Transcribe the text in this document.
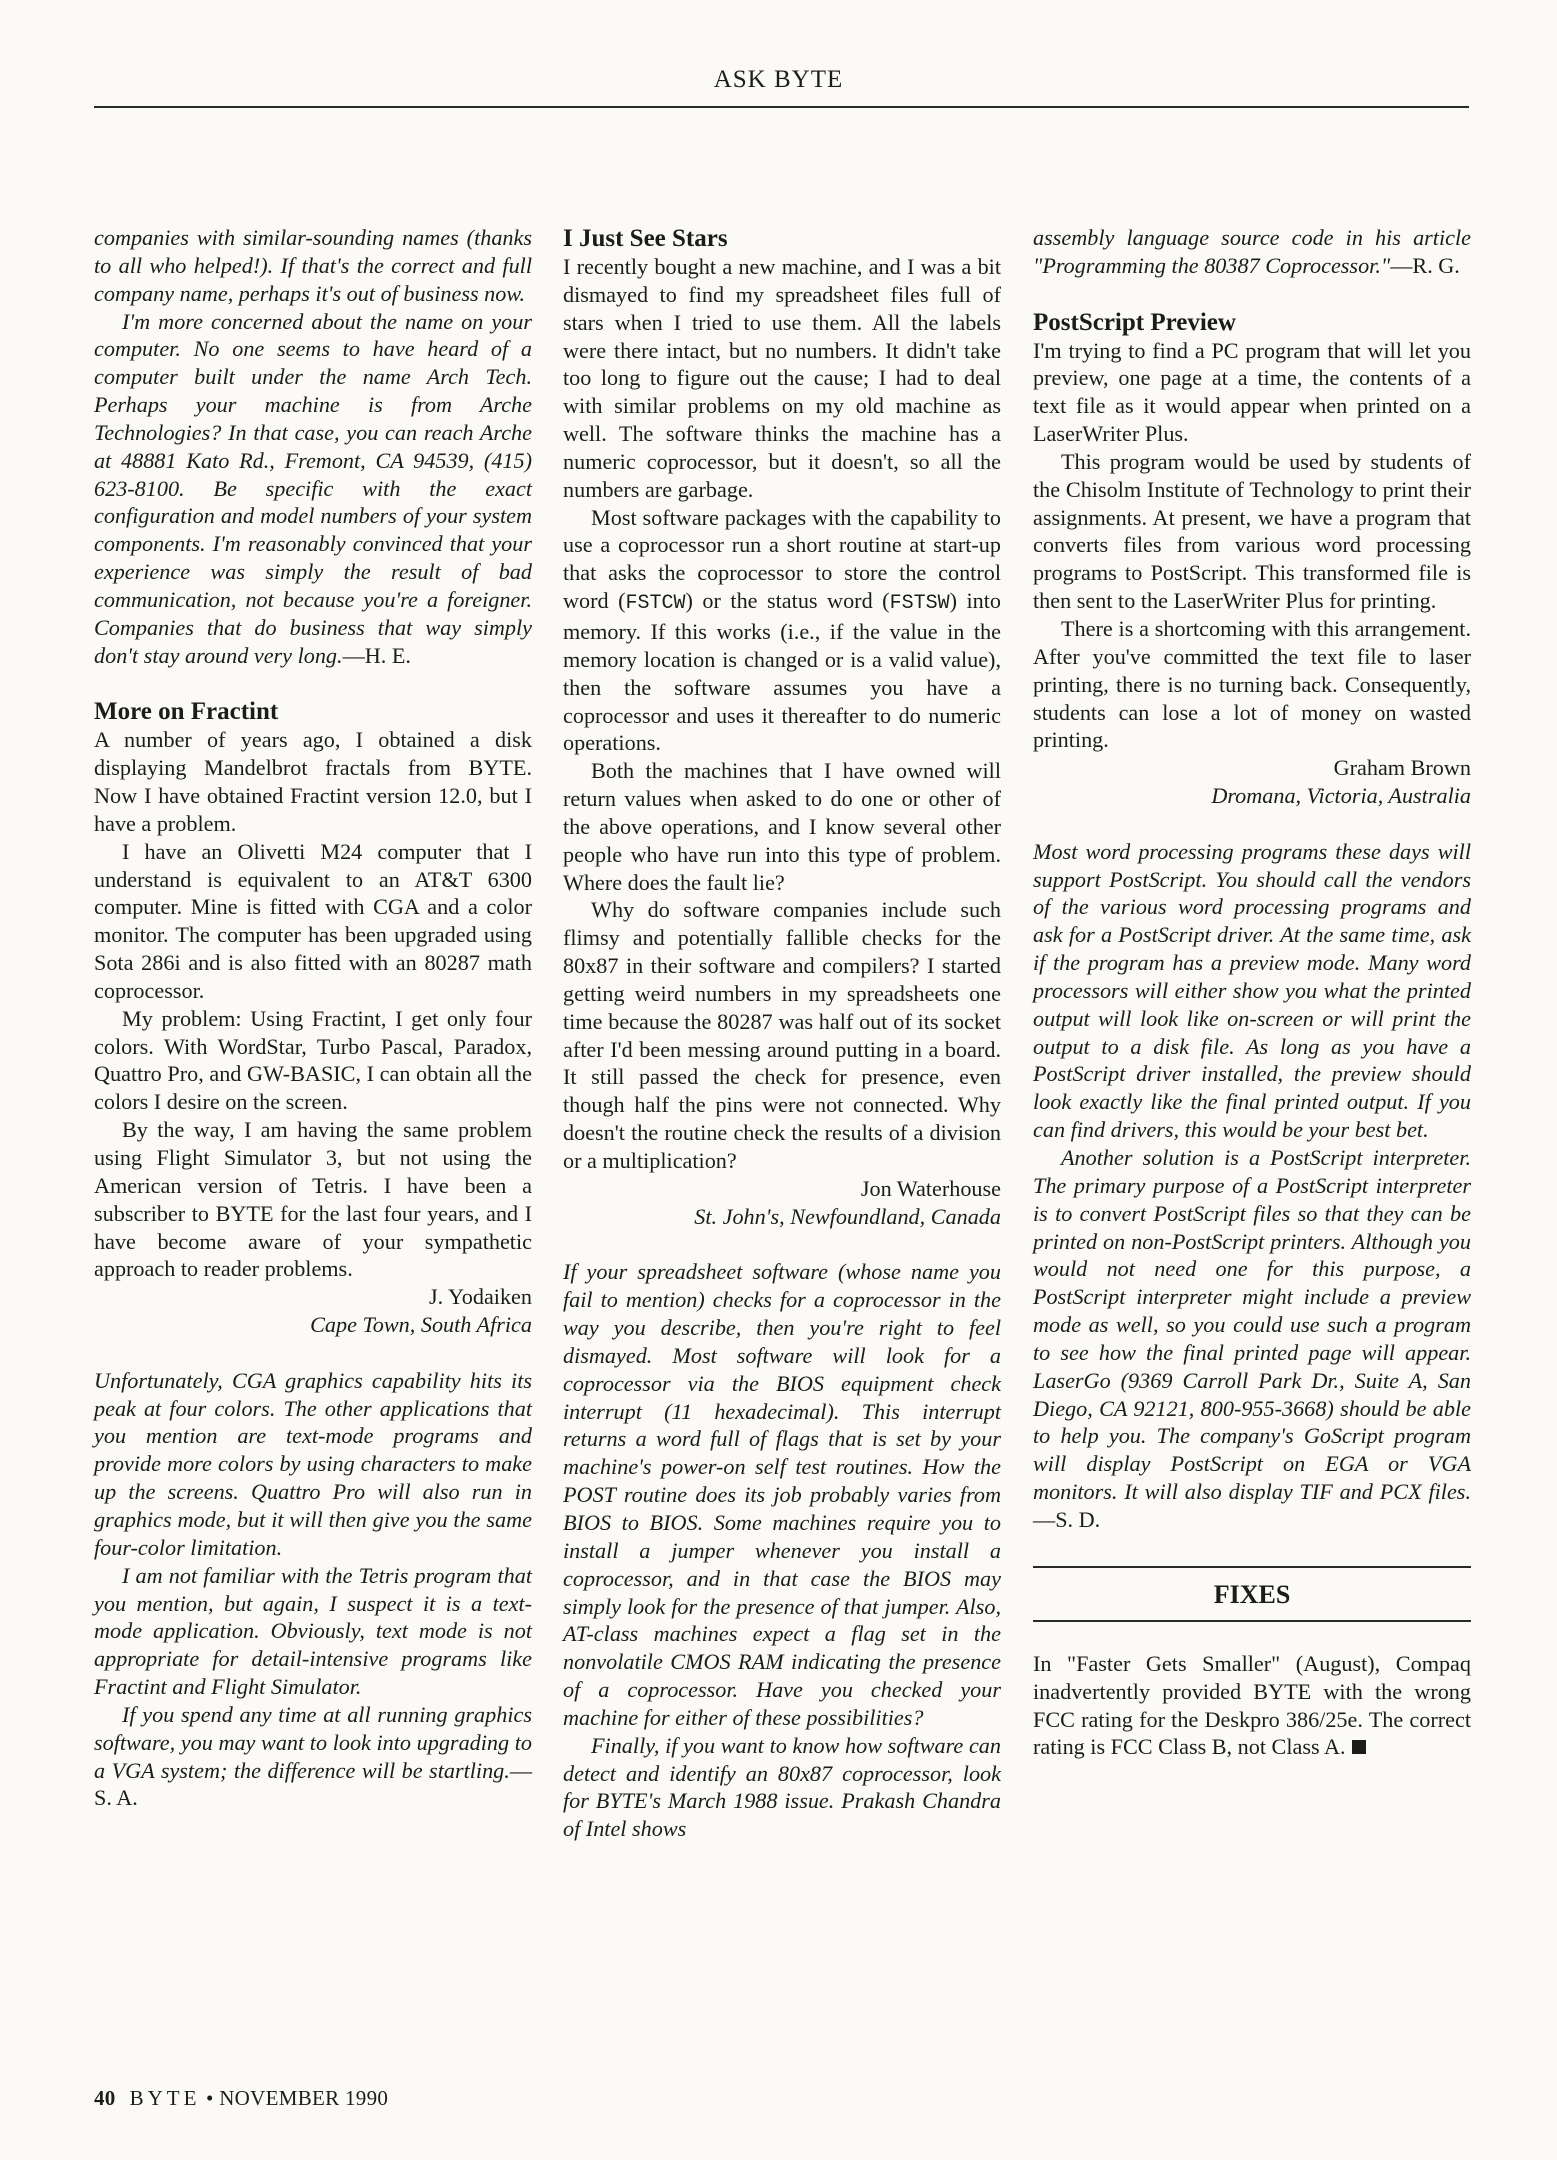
ASK BYTE

companies with similar-sounding names (thanks to all who helped!). If that's the correct and full company name, perhaps it's out of business now.

I'm more concerned about the name on your computer. No one seems to have heard of a computer built under the name Arch Tech. Perhaps your machine is from Arche Technologies? In that case, you can reach Arche at 48881 Kato Rd., Fremont, CA 94539, (415) 623-8100. Be specific with the exact configuration and model numbers of your system components. I'm reasonably convinced that your experience was simply the result of bad communication, not because you're a foreigner. Companies that do business that way simply don't stay around very long.—H. E.

More on Fractint

A number of years ago, I obtained a disk displaying Mandelbrot fractals from BYTE. Now I have obtained Fractint version 12.0, but I have a problem.

I have an Olivetti M24 computer that I understand is equivalent to an AT&T 6300 computer. Mine is fitted with CGA and a color monitor. The computer has been upgraded using Sota 286i and is also fitted with an 80287 math coprocessor.

My problem: Using Fractint, I get only four colors. With WordStar, Turbo Pascal, Paradox, Quattro Pro, and GW-BASIC, I can obtain all the colors I desire on the screen.

By the way, I am having the same problem using Flight Simulator 3, but not using the American version of Tetris. I have been a subscriber to BYTE for the last four years, and I have become aware of your sympathetic approach to reader problems.

J. Yodaiken

Cape Town, South Africa

Unfortunately, CGA graphics capability hits its peak at four colors. The other applications that you mention are text-mode programs and provide more colors by using characters to make up the screens. Quattro Pro will also run in graphics mode, but it will then give you the same four-color limitation.

I am not familiar with the Tetris program that you mention, but again, I suspect it is a text-mode application. Obviously, text mode is not appropriate for detail-intensive programs like Fractint and Flight Simulator.

If you spend any time at all running graphics software, you may want to look into upgrading to a VGA system; the difference will be startling.—S. A.

I Just See Stars

I recently bought a new machine, and I was a bit dismayed to find my spreadsheet files full of stars when I tried to use them. All the labels were there intact, but no numbers. It didn't take too long to figure out the cause; I had to deal with similar problems on my old machine as well. The software thinks the machine has a numeric coprocessor, but it doesn't, so all the numbers are garbage.

Most software packages with the capability to use a coprocessor run a short routine at start-up that asks the coprocessor to store the control word (FSTCW) or the status word (FSTSW) into memory. If this works (i.e., if the value in the memory location is changed or is a valid value), then the software assumes you have a coprocessor and uses it thereafter to do numeric operations.

Both the machines that I have owned will return values when asked to do one or other of the above operations, and I know several other people who have run into this type of problem. Where does the fault lie?

Why do software companies include such flimsy and potentially fallible checks for the 80x87 in their software and compilers? I started getting weird numbers in my spreadsheets one time because the 80287 was half out of its socket after I'd been messing around putting in a board. It still passed the check for presence, even though half the pins were not connected. Why doesn't the routine check the results of a division or a multiplication?

Jon Waterhouse

St. John's, Newfoundland, Canada

If your spreadsheet software (whose name you fail to mention) checks for a coprocessor in the way you describe, then you're right to feel dismayed. Most software will look for a coprocessor via the BIOS equipment check interrupt (11 hexadecimal). This interrupt returns a word full of flags that is set by your machine's power-on self test routines. How the POST routine does its job probably varies from BIOS to BIOS. Some machines require you to install a jumper whenever you install a coprocessor, and in that case the BIOS may simply look for the presence of that jumper. Also, AT-class machines expect a flag set in the nonvolatile CMOS RAM indicating the presence of a coprocessor. Have you checked your machine for either of these possibilities?

Finally, if you want to know how software can detect and identify an 80x87 coprocessor, look for BYTE's March 1988 issue. Prakash Chandra of Intel shows

assembly language source code in his article "Programming the 80387 Coprocessor."—R. G.

PostScript Preview

I'm trying to find a PC program that will let you preview, one page at a time, the contents of a text file as it would appear when printed on a LaserWriter Plus.

This program would be used by students of the Chisolm Institute of Technology to print their assignments. At present, we have a program that converts files from various word processing programs to PostScript. This transformed file is then sent to the LaserWriter Plus for printing.

There is a shortcoming with this arrangement. After you've committed the text file to laser printing, there is no turning back. Consequently, students can lose a lot of money on wasted printing.

Graham Brown

Dromana, Victoria, Australia

Most word processing programs these days will support PostScript. You should call the vendors of the various word processing programs and ask for a PostScript driver. At the same time, ask if the program has a preview mode. Many word processors will either show you what the printed output will look like on-screen or will print the output to a disk file. As long as you have a PostScript driver installed, the preview should look exactly like the final printed output. If you can find drivers, this would be your best bet.

Another solution is a PostScript interpreter. The primary purpose of a PostScript interpreter is to convert PostScript files so that they can be printed on non-PostScript printers. Although you would not need one for this purpose, a PostScript interpreter might include a preview mode as well, so you could use such a program to see how the final printed page will appear. LaserGo (9369 Carroll Park Dr., Suite A, San Diego, CA 92121, 800-955-3668) should be able to help you. The company's GoScript program will display PostScript on EGA or VGA monitors. It will also display TIF and PCX files.—S. D.

FIXES

In "Faster Gets Smaller" (August), Compaq inadvertently provided BYTE with the wrong FCC rating for the Deskpro 386/25e. The correct rating is FCC Class B, not Class A.

40 BYTE • NOVEMBER 1990
